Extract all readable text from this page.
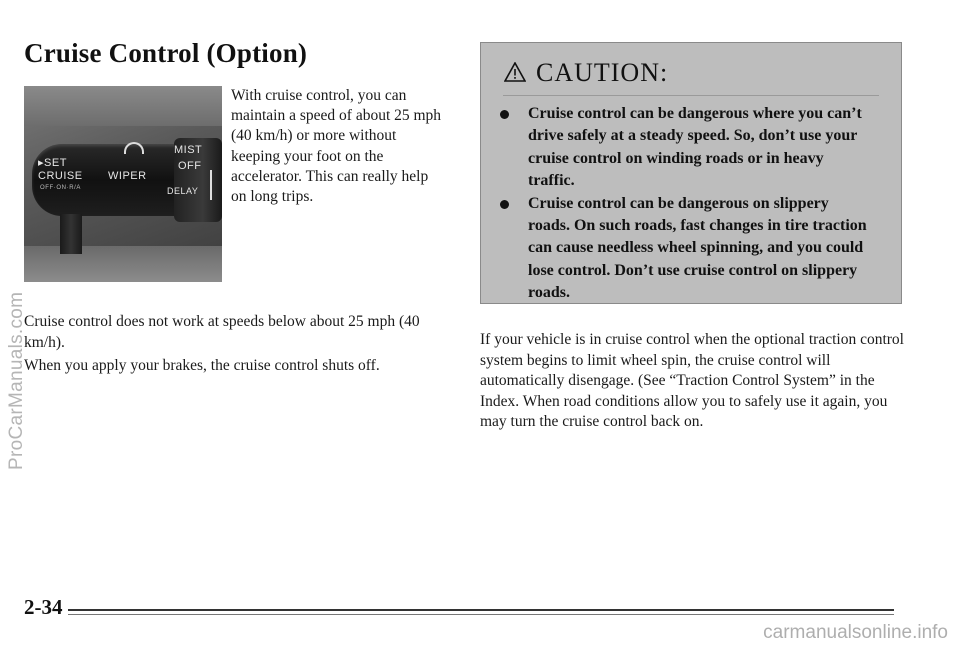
Cruise Control (Option)
▸SET
CRUISE
OFF·ON·R/A
WIPER
MIST
OFF
DELAY

With cruise control, you can maintain a speed of about 25 mph (40 km/h) or more without keeping your foot on the accelerator. This can really help on long trips.

Cruise control does not work at speeds below about 25 mph (40 km/h).

When you apply your brakes, the cruise control shuts off.

CAUTION:
Cruise control can be dangerous where you can’t drive safely at a steady speed. So, don’t use your cruise control on winding roads or in heavy traffic.
Cruise control can be dangerous on slippery roads. On such roads, fast changes in tire traction can cause needless wheel spinning, and you could lose control. Don’t use cruise control on slippery roads.

If your vehicle is in cruise control when the optional traction control system begins to limit wheel spin, the cruise control will automatically disengage. (See “Traction Control System” in the Index. When road conditions allow you to safely use it again, you may turn the cruise control back on.

2-34
ProCarManuals.com
carmanualsonline.info
